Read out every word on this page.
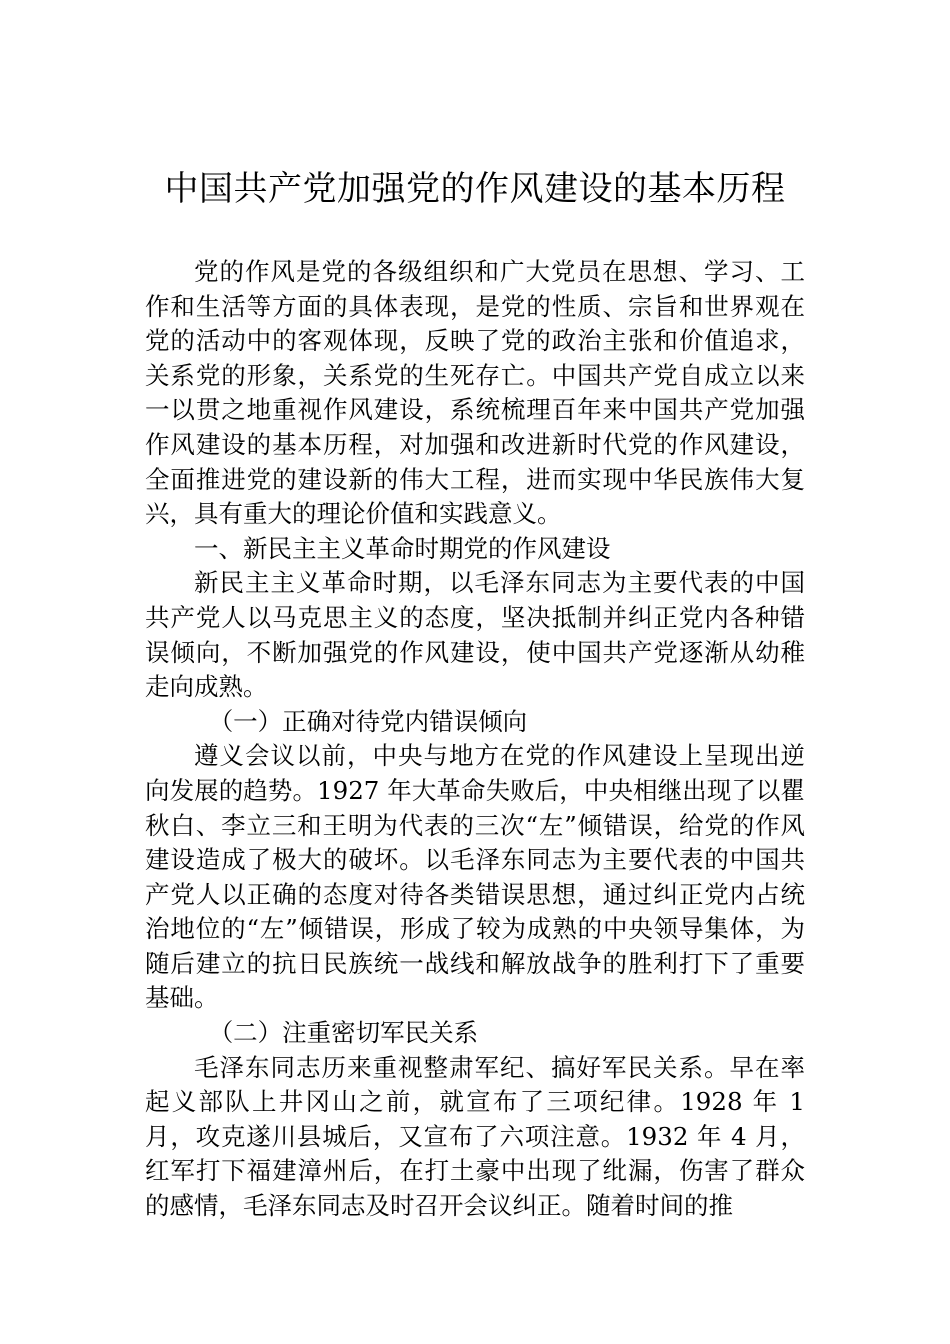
中国共产党加强党的作风建设的基本历程

党的作风是党的各级组织和广大党员在思想、学习、工作和生活等方面的具体表现，是党的性质、宗旨和世界观在党的活动中的客观体现，反映了党的政治主张和价值追求，关系党的形象，关系党的生死存亡。中国共产党自成立以来一以贯之地重视作风建设，系统梳理百年来中国共产党加强作风建设的基本历程，对加强和改进新时代党的作风建设，全面推进党的建设新的伟大工程，进而实现中华民族伟大复兴，具有重大的理论价值和实践意义。

一、新民主主义革命时期党的作风建设

新民主主义革命时期，以毛泽东同志为主要代表的中国共产党人以马克思主义的态度，坚决抵制并纠正党内各种错误倾向，不断加强党的作风建设，使中国共产党逐渐从幼稚走向成熟。

（一）正确对待党内错误倾向

遵义会议以前，中央与地方在党的作风建设上呈现出逆向发展的趋势。1927 年大革命失败后，中央相继出现了以瞿秋白、李立三和王明为代表的三次“左”倾错误，给党的作风建设造成了极大的破坏。以毛泽东同志为主要代表的中国共产党人以正确的态度对待各类错误思想，通过纠正党内占统治地位的“左”倾错误，形成了较为成熟的中央领导集体，为随后建立的抗日民族统一战线和解放战争的胜利打下了重要基础。

（二）注重密切军民关系

毛泽东同志历来重视整肃军纪、搞好军民关系。早在率起义部队上井冈山之前，就宣布了三项纪律。1928 年 1 月，攻克遂川县城后，又宣布了六项注意。1932 年 4 月，红军打下福建漳州后，在打土豪中出现了纰漏，伤害了群众的感情，毛泽东同志及时召开会议纠正。随着时间的推
